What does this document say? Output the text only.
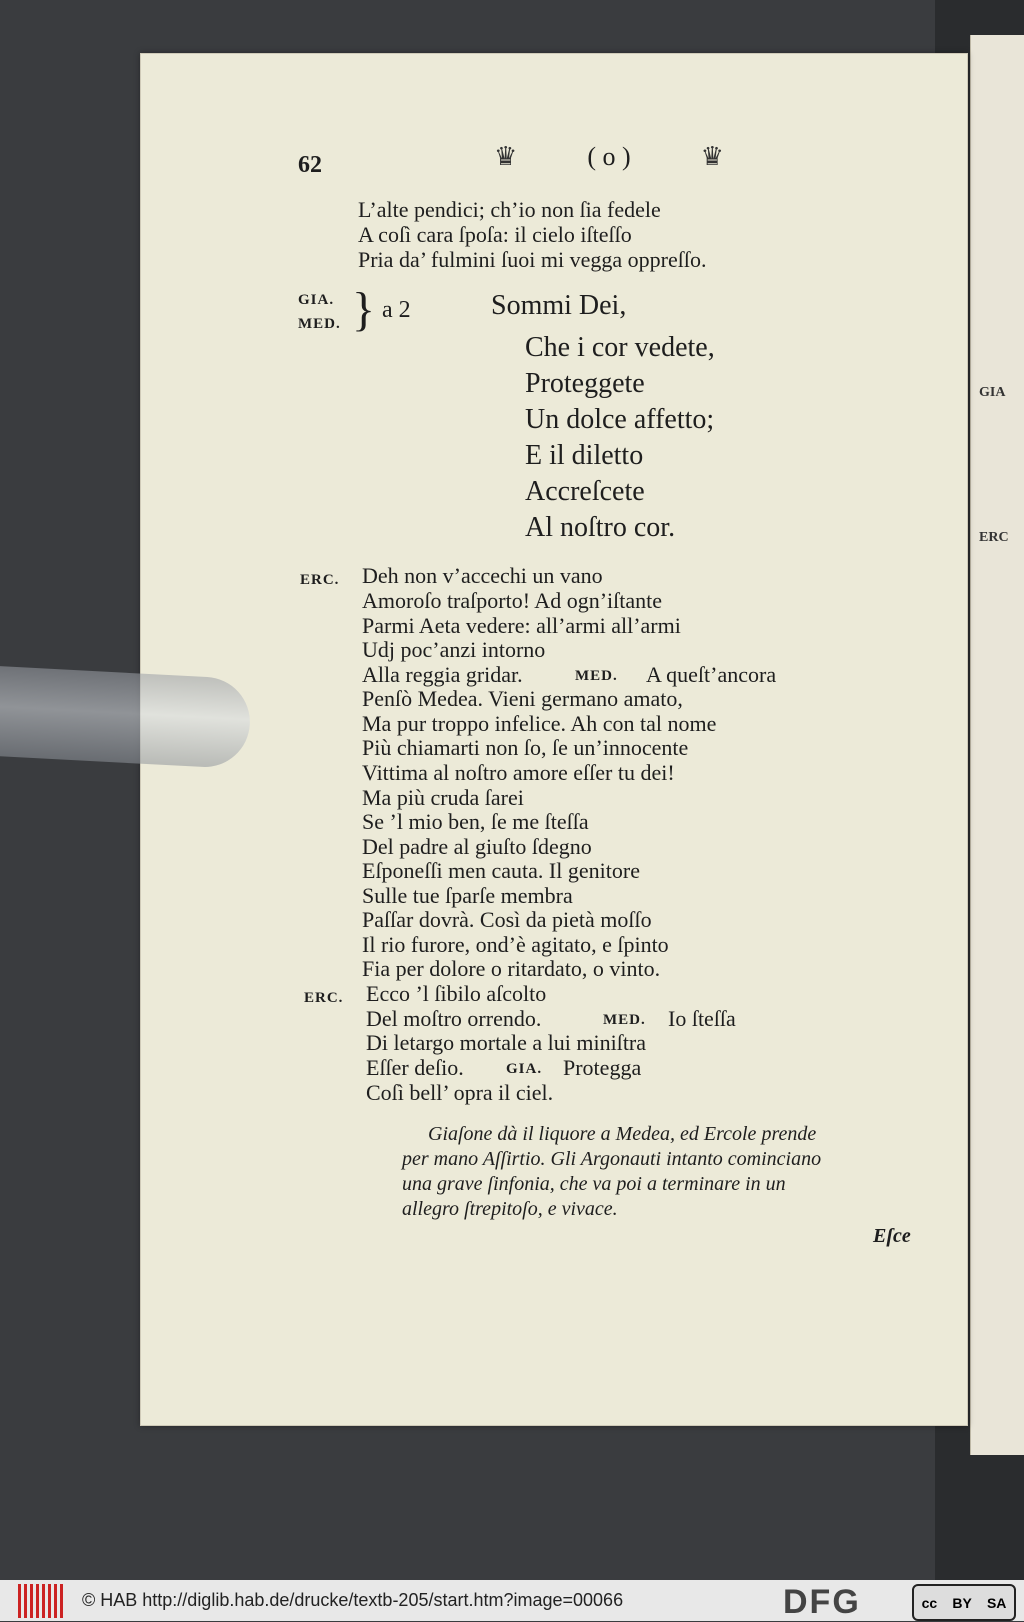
GIA
ERC
62	♛	( o )	♛
L’alte pendici; ch’io non ſia fedele
A coſì cara ſpoſa: il cielo iſteſſo
Pria da’ fulmini ſuoi mi vegga oppreſſo.
GIA.
MED. } a 2	Sommi Dei,
Che i cor vedete,
Proteggete
Un dolce affetto;
E il diletto
Accreſcete
Al noſtro cor.
ERC. Deh non v’accechi un vano
Amoroſo traſporto! Ad ogn’iſtante
Parmi Aeta vedere: all’armi all’armi
Udj poc’anzi intorno
Alla reggia gridar.	MED. A queſt’ancora
Penſò Medea. Vieni germano amato,
Ma pur troppo infelice. Ah con tal nome
Più chiamarti non ſo, ſe un’innocente
Vittima al noſtro amore eſſer tu dei!
Ma più cruda ſarei
Se ’l mio ben, ſe me ſteſſa
Del padre al giuſto ſdegno
Eſponeſſi men cauta. Il genitore
Sulle tue ſparſe membra
Paſſar dovrà. Così da pietà moſſo
Il rio furore, ond’è agitato, e ſpinto
Fia per dolore o ritardato, o vinto.
ERC. Ecco ’l ſibilo aſcolto
Del moſtro orrendo.	MED. Io ſteſſa
Di letargo mortale a lui miniſtra
Eſſer deſio.	GIA. Protegga
Coſì bell’ opra il ciel.
Giaſone dà il liquore a Medea, ed Ercole prende
per mano Aſſirtio. Gli Argonauti intanto cominciano
una grave ſinfonia, che va poi a terminare in un
allegro ſtrepitoſo, e vivace.
Eſce
© HAB http://diglib.hab.de/drucke/textb-205/start.htm?image=00066	DFG	cc BY SA
